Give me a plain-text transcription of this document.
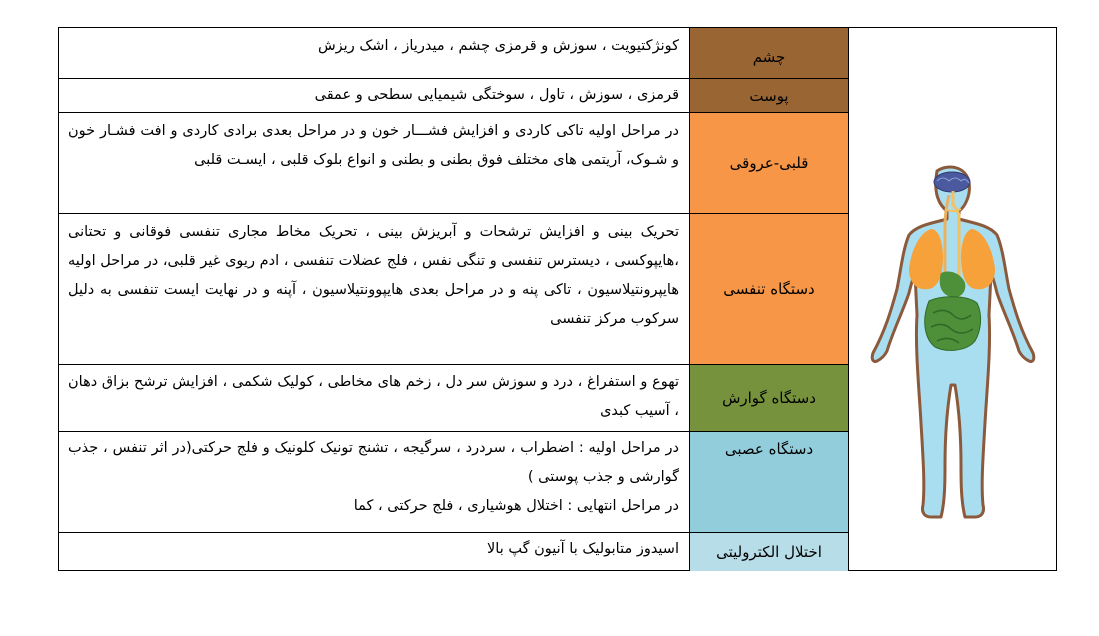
چشم
کونژکتیویت ، سوزش و قرمزی چشم ، میدریاز ، اشک ریزش
پوست
قرمزی ، سوزش ، تاول ، سوختگی شیمیایی سطحی و عمقی
قلبی-عروقی
در مراحل اولیه تاکی کاردی و افزایش فشـــار خون و در مراحل بعدی برادی کاردی و افت فشـار خون و شـوک، آریتمی های مختلف فوق بطنی و بطنی و انواع بلوک قلبی ، ایسـت قلبی
دستگاه تنفسی
تحریک بینی و افزایش ترشحات و آبریزش بینی ، تحریک مخاط مجاری تنفسی فوقانی و تحتانی ،هایپوکسی ، دیسترس تنفسی و تنگی نفس ، فلج عضلات تنفسی ، ادم ریوی غیر قلبی، در مراحل اولیه هایپرونتیلاسیون ، تاکی پنه و در مراحل بعدی هایپوونتیلاسیون ، آپنه و در نهایت ایست تنفسی به دلیل سرکوب مرکز تنفسی
دستگاه گوارش
تهوع و استفراغ ، درد و سوزش سر دل ، زخم های مخاطی ، کولیک شکمی ، افزایش ترشح بزاق دهان ، آسیب کبدی
دستگاه عصبی
در مراحل اولیه : اضطراب ، سردرد ، سرگیجه ، تشنج تونیک کلونیک و فلج حرکتی(در اثر تنفس ، جذب گوارشی و جذب پوستی )
در مراحل انتهایی : اختلال هوشیاری ، فلج حرکتی ، کما
اختلال الکترولیتی
اسیدوز متابولیک با آنیون گپ بالا
